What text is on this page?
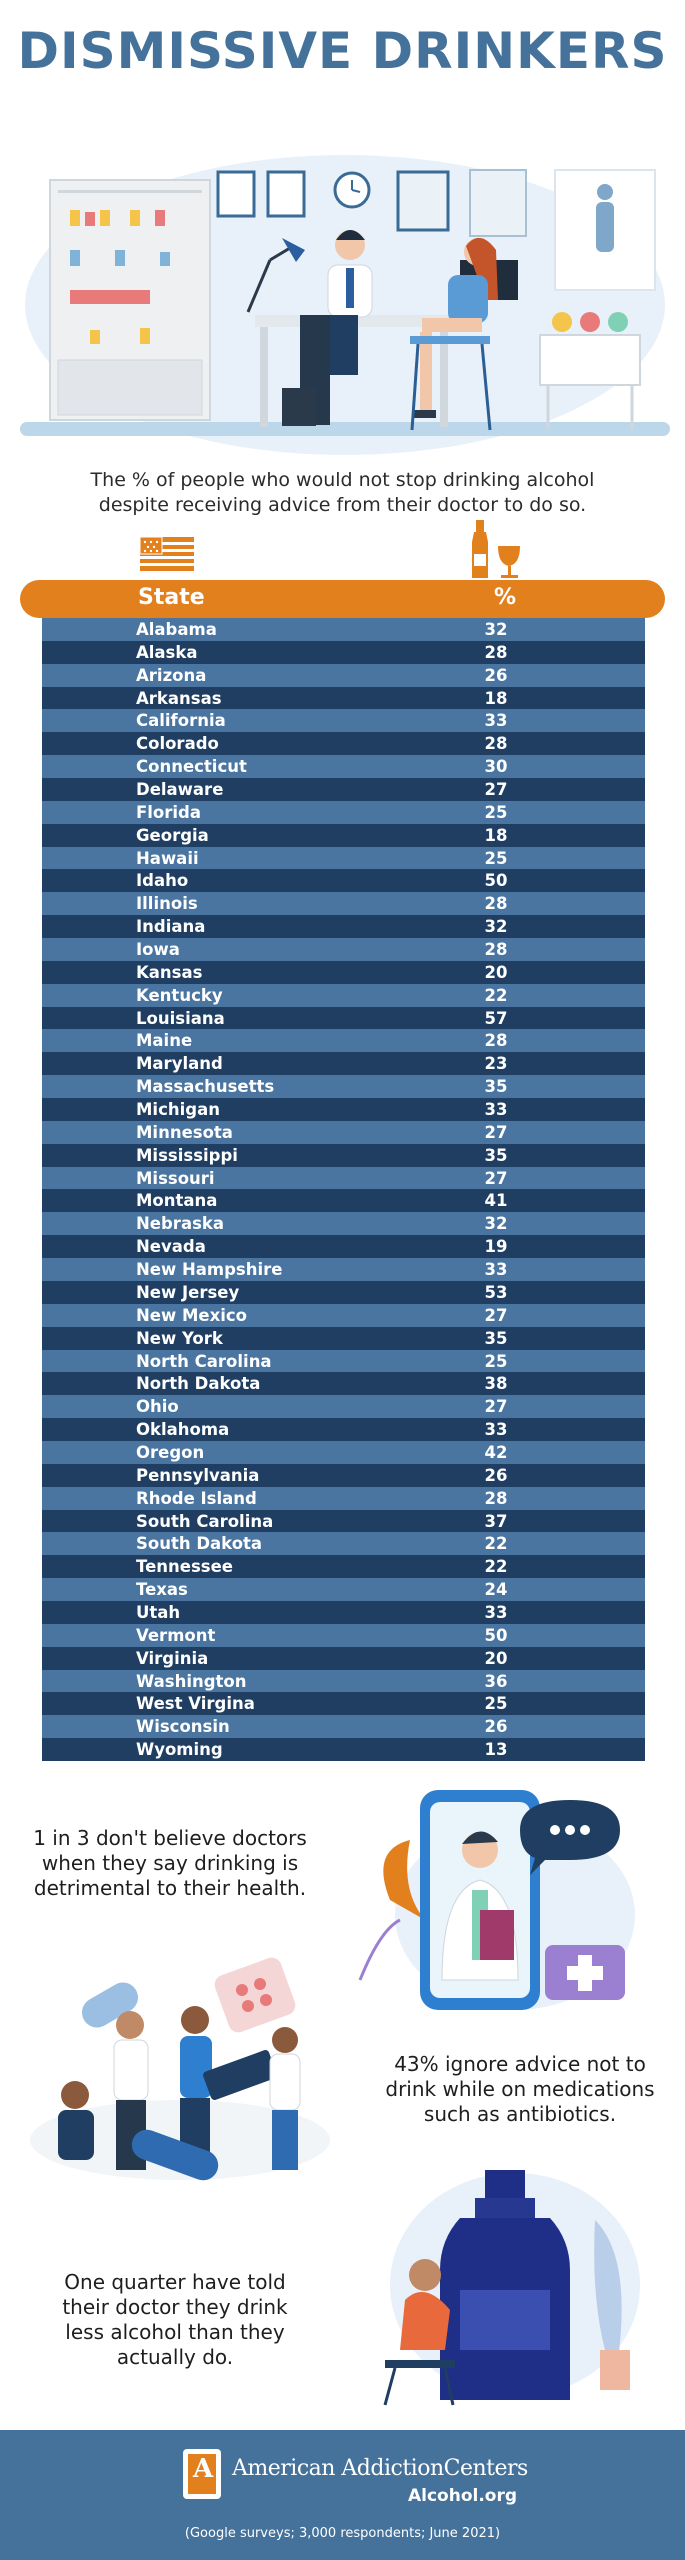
DISMISSIVE DRINKERS
The % of people who would not stop drinking alcohol despite receiving advice from their doctor to do so.
State	%
Alabama	32
Alaska	28
Arizona	26
Arkansas	18
California	33
Colorado	28
Connecticut	30
Delaware	27
Florida	25
Georgia	18
Hawaii	25
Idaho	50
Illinois	28
Indiana	32
Iowa	28
Kansas	20
Kentucky	22
Louisiana	57
Maine	28
Maryland	23
Massachusetts	35
Michigan	33
Minnesota	27
Mississippi	35
Missouri	27
Montana	41
Nebraska	32
Nevada	19
New Hampshire	33
New Jersey	53
New Mexico	27
New York	35
North Carolina	25
North Dakota	38
Ohio	27
Oklahoma	33
Oregon	42
Pennsylvania	26
Rhode Island	28
South Carolina	37
South Dakota	22
Tennessee	22
Texas	24
Utah	33
Vermont	50
Virginia	20
Washington	36
West Virgina	25
Wisconsin	26
Wyoming	13
1 in 3 don't believe doctors when they say drinking is detrimental to their health.
43% ignore advice not to drink while on medications such as antibiotics.
One quarter have told their doctor they drink less alcohol than they actually do.
A American AddictionCenters
Alcohol.org
(Google surveys; 3,000 respondents; June 2021)
